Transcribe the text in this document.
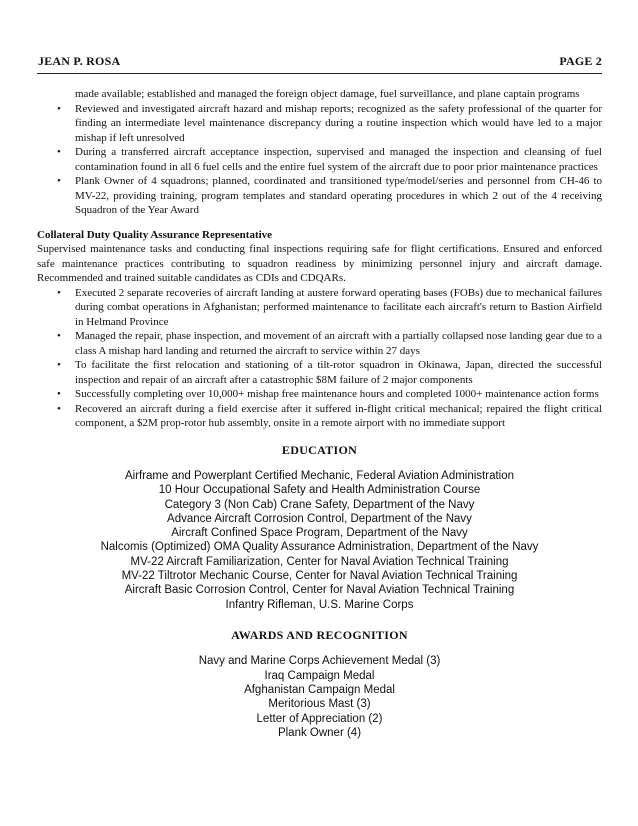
JEAN P. ROSA	PAGE 2
made available; established and managed the foreign object damage, fuel surveillance, and plane captain programs
• Reviewed and investigated aircraft hazard and mishap reports; recognized as the safety professional of the quarter for finding an intermediate level maintenance discrepancy during a routine inspection which would have led to a major mishap if left unresolved
• During a transferred aircraft acceptance inspection, supervised and managed the inspection and cleansing of fuel contamination found in all 6 fuel cells and the entire fuel system of the aircraft due to poor prior maintenance practices
• Plank Owner of 4 squadrons; planned, coordinated and transitioned type/model/series and personnel from CH-46 to MV-22, providing training, program templates and standard operating procedures in which 2 out of the 4 receiving Squadron of the Year Award
Collateral Duty Quality Assurance Representative
Supervised maintenance tasks and conducting final inspections requiring safe for flight certifications. Ensured and enforced safe maintenance practices contributing to squadron readiness by minimizing personnel injury and aircraft damage. Recommended and trained suitable candidates as CDIs and CDQARs.
• Executed 2 separate recoveries of aircraft landing at austere forward operating bases (FOBs) due to mechanical failures during combat operations in Afghanistan; performed maintenance to facilitate each aircraft's return to Bastion Airfield in Helmand Province
• Managed the repair, phase inspection, and movement of an aircraft with a partially collapsed nose landing gear due to a class A mishap hard landing and returned the aircraft to service within 27 days
• To facilitate the first relocation and stationing of a tilt-rotor squadron in Okinawa, Japan, directed the successful inspection and repair of an aircraft after a catastrophic $8M failure of 2 major components
• Successfully completing over 10,000+ mishap free maintenance hours and completed 1000+ maintenance action forms
• Recovered an aircraft during a field exercise after it suffered in-flight critical mechanical; repaired the flight critical component, a $2M prop-rotor hub assembly, onsite in a remote airport with no immediate support
EDUCATION
Airframe and Powerplant Certified Mechanic, Federal Aviation Administration
10 Hour Occupational Safety and Health Administration Course
Category 3 (Non Cab) Crane Safety, Department of the Navy
Advance Aircraft Corrosion Control, Department of the Navy
Aircraft Confined Space Program, Department of the Navy
Nalcomis (Optimized) OMA Quality Assurance Administration, Department of the Navy
MV-22 Aircraft Familiarization, Center for Naval Aviation Technical Training
MV-22 Tiltrotor Mechanic Course, Center for Naval Aviation Technical Training
Aircraft Basic Corrosion Control, Center for Naval Aviation Technical Training
Infantry Rifleman, U.S. Marine Corps
AWARDS AND RECOGNITION
Navy and Marine Corps Achievement Medal (3)
Iraq Campaign Medal
Afghanistan Campaign Medal
Meritorious Mast (3)
Letter of Appreciation (2)
Plank Owner (4)
